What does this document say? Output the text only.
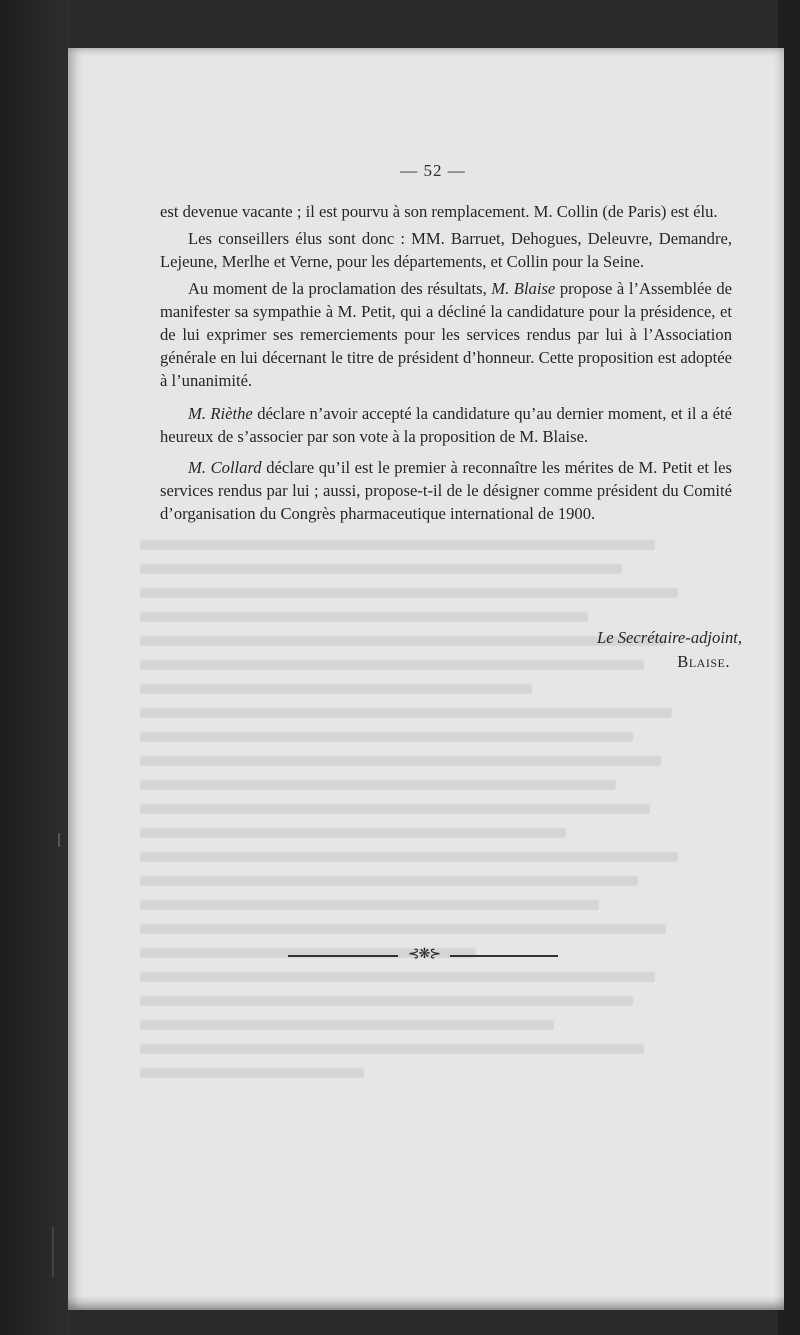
— 52 —

est devenue vacante ; il est pourvu à son remplacement. M. Collin (de Paris) est élu.

Les conseillers élus sont donc : MM. Barruet, Dehogues, Deleuvre, Demandre, Lejeune, Merlhe et Verne, pour les départements, et Collin pour la Seine.

Au moment de la proclamation des résultats, M. Blaise propose à l’Assemblée de manifester sa sympathie à M. Petit, qui a décliné la candidature pour la présidence, et de lui exprimer ses remerciements pour les services rendus par lui à l’Association générale en lui décernant le titre de président d’honneur. Cette proposition est adoptée à l’unanimité.

M. Rièthe déclare n’avoir accepté la candidature qu’au dernier moment, et il a été heureux de s’associer par son vote à la proposition de M. Blaise.

M. Collard déclare qu’il est le premier à reconnaître les mérites de M. Petit et les services rendus par lui ; aussi, propose-t-il de le désigner comme président du Comité d’organisation du Congrès pharmaceutique international de 1900.

Le Secrétaire-adjoint,
Blaise.
⊰❋⊱
